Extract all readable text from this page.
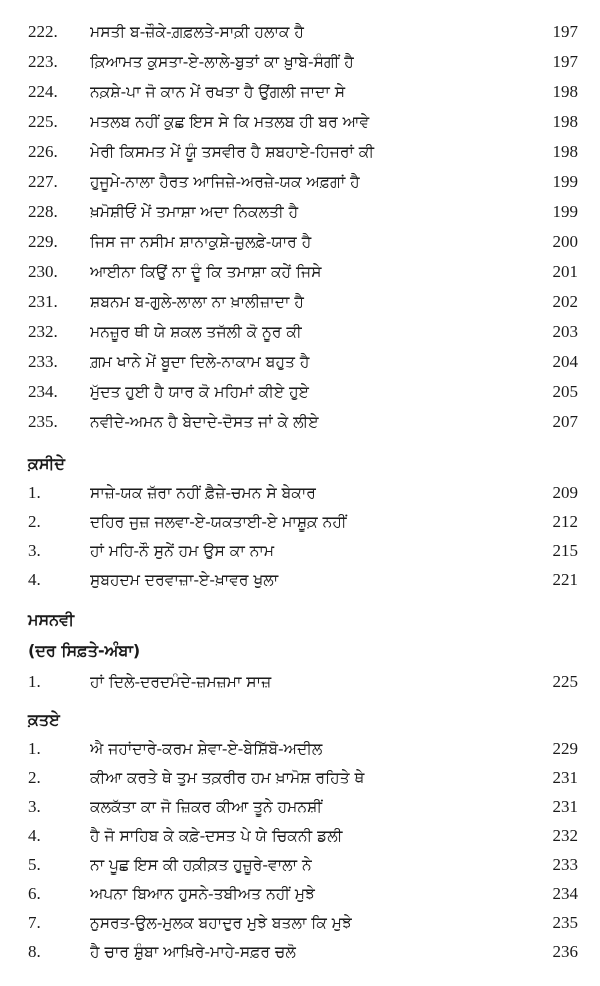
222.	ਮਸਤੀ ਬ-ਜ਼ੌਕੇ-ਗ਼ਫ਼ਲਤੇ-ਸਾਕ਼ੀ ਹਲਾਕ ਹੈ	197
223.	ਕ਼ਿਆਮਤ ਕੁਸਤਾ-ਏ-ਲਾਲੇ-ਬੁਤਾਂ ਕਾ ਖ਼ੁਾਬੇ-ਸੰਗੀਂ ਹੈ	197
224.	ਨਕ਼ਸ਼ੇ-ਪਾ ਜੋ ਕਾਨ ਮੇਂ ਰਖਤਾ ਹੈ ਉਂਗਲੀ ਜਾਦਾ ਸੇ	198
225.	ਮਤਲਬ ਨਹੀਂ ਕੁਛ ਇਸ ਸੇ ਕਿ ਮਤਲਬ ਹੀ ਬਰ ਆਵੇ	198
226.	ਮੇਰੀ ਕਿਸਮਤ ਮੇਂ ਯੂੰ ਤਸਵੀਰ ਹੈ ਸ਼ਬਹਾਏ-ਹਿਜਰਾਂ ਕੀ	198
227.	ਹੁਜੂਮੇ-ਨਾਲਾ ਹੈਰਤ ਆਜਿਜ਼ੇ-ਅਰਜ਼ੇ-ਯਕ ਅਫ਼ਗਾਂ ਹੈ	199
228.	ਖ਼ਮੋਸ਼ੀਓਂ ਮੇਂ ਤਮਾਸ਼ਾ ਅਦਾ ਨਿਕਲਤੀ ਹੈ	199
229.	ਜਿਸ ਜਾ ਨਸੀਮ ਸ਼ਾਨਾਕੁਸ਼ੇ-ਜ਼ੁਲਫ਼ੇ-ਯਾਰ ਹੈ	200
230.	ਆਈਨਾ ਕਿਉਂ ਨਾ ਦੂੰ ਕਿ ਤਮਾਸ਼ਾ ਕਹੇਂ ਜਿਸੇ	201
231.	ਸ਼ਬਨਮ ਬ-ਗੁਲੇ-ਲਾਲਾ ਨਾ ਖ਼ਾਲੀਜ਼ਾਦਾ ਹੈ	202
232.	ਮਨਜ਼ੂਰ ਥੀ ਯੇ ਸ਼ਕਲ ਤਜੱਲੀ ਕੋ ਨੂਰ ਕੀ	203
233.	ਗ਼ਮ ਖਾਨੇ ਮੇਂ ਬੂਦਾ ਦਿਲੇ-ਨਾਕਾਮ ਬਹੁਤ ਹੈ	204
234.	ਮੁੱਦਤ ਹੁਈ ਹੈ ਯਾਰ ਕੋ ਮਹਿਮਾਂ ਕੀਏ ਹੁਏ	205
235.	ਨਵੀਦੇ-ਅਮਨ ਹੈ ਬੇਦਾਦੇ-ਦੋਸਤ ਜਾਂ ਕੇ ਲੀਏ	207
ਕ਼ਸੀਦੇ
1.	ਸਾਜ਼ੇ-ਯਕ ਜ਼ੱਰਾ ਨਹੀਂ ਫ਼ੈਜ਼ੇ-ਚਮਨ ਸੇ ਬੇਕਾਰ	209
2.	ਦਹਿਰ ਜੁਜ਼ ਜਲਵਾ-ਏ-ਯਕਤਾਈ-ਏ ਮਾਸ਼ੂਕ਼ ਨਹੀਂ	212
3.	ਹਾਂ ਮਹਿ-ਨੌ ਸੁਨੇਂ ਹਮ ਉਸ ਕਾ ਨਾਮ	215
4.	ਸੁਬਹਦਮ ਦਰਵਾਜ਼ਾ-ਏ-ਖ਼ਾਵਰ ਖੁਲਾ	221
ਮਸਨਵੀ
(ਦਰ ਸਿਫ਼ਤੇ-ਅੰਬਾ)
1.	ਹਾਂ ਦਿਲੇ-ਦਰਦਮੰਦੇ-ਜ਼ਮਜ਼ਮਾ ਸਾਜ਼	225
ਕ਼ਤਏ
1.	ਐ ਜਹਾਂਦਾਰੇ-ਕਰਮ ਸ਼ੇਵਾ-ਏ-ਬੇਸ਼ਿੱਬੋ-ਅਦੀਲ	229
2.	ਕੀਆ ਕਰਤੇ ਥੇ ਤੁਮ ਤਕ਼ਰੀਰ ਹਮ ਖ਼ਾਮੋਸ਼ ਰਹਿਤੇ ਥੇ	231
3.	ਕਲਕੱਤਾ ਕਾ ਜੋ ਜ਼ਿਕਰ ਕੀਆ ਤੂਨੇ ਹਮਨਸ਼ੀਂ	231
4.	ਹੈ ਜੋ ਸਾਹਿਬ ਕੇ ਕਫ਼ੇ-ਦਸਤ ਪੇ ਯੇ ਚਿਕਨੀ ਡਲੀ	232
5.	ਨਾ ਪੂਛ ਇਸ ਕੀ ਹਕ਼ੀਕ਼ਤ ਹੁਜ਼ੂਰੇ-ਵਾਲਾ ਨੇ	233
6.	ਅਪਨਾ ਬਿਆਨ ਹੁਸਨੇ-ਤਬੀਅਤ ਨਹੀਂ ਮੁਝੇ	234
7.	ਨੁਸਰਤ-ਉਲ-ਮੁਲਕ ਬਹਾਦੁਰ ਮੁਝੇ ਬਤਲਾ ਕਿ ਮੁਝੇ	235
8.	ਹੈ ਚਾਰ ਸ਼ੁੰਬਾ ਆਖ਼ਿਰੇ-ਮਾਹੇ-ਸਫ਼ਰ ਚਲੋ	236
